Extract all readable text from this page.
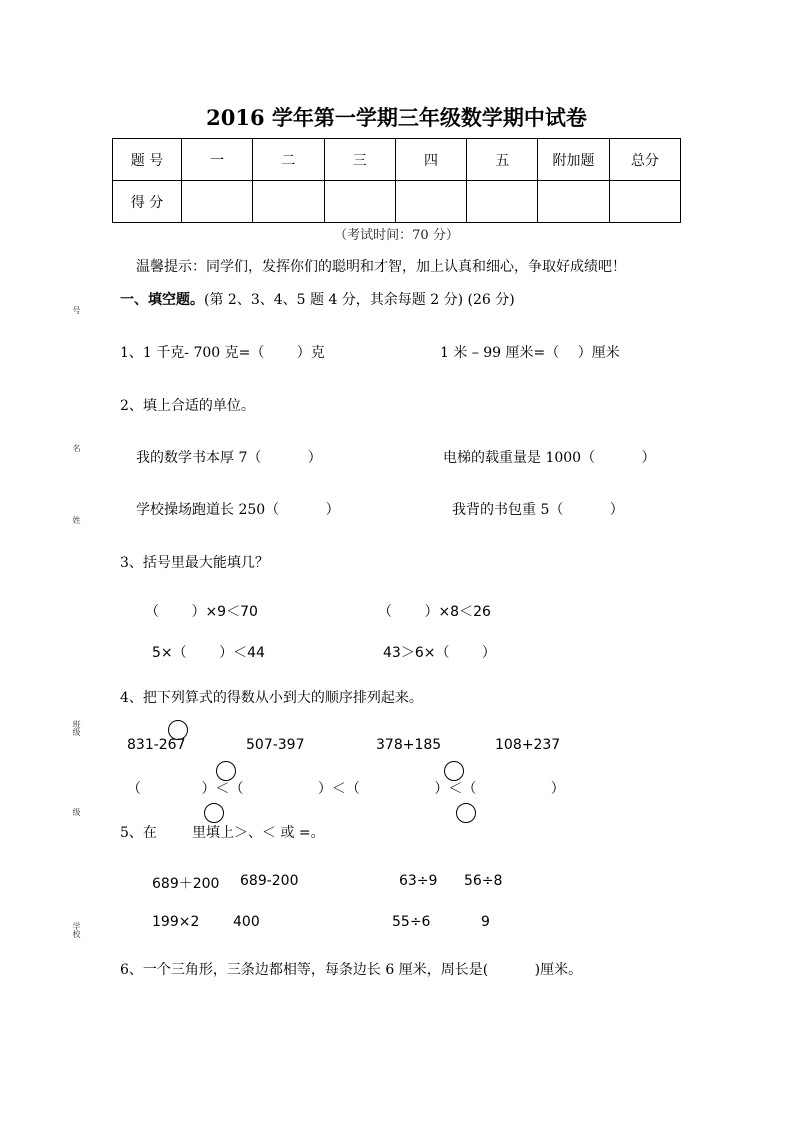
2016 学年第一学期三年级数学期中试卷
题 号	一	二	三	四	五	附加题	总分
得 分							
（考试时间：70 分）
温馨提示：同学们，发挥你们的聪明和才智，加上认真和细心，争取好成绩吧！
一、填空题。(第 2、3、4、5 题 4 分，其余每题 2 分) (26 分)
1、1 千克- 700 克=（　　 ）克	1 米 – 99 厘米=（　 ）厘米
2、填上合适的单位。
我的数学书本厚 7（　　　 ）	电梯的载重量是 1000（　　　 ）
学校操场跑道长 250（　　　 ）	我背的书包重 5（　　　 ）
3、括号里最大能填几？
（　　 ）×9＜70	（　　 ）×8＜26
5×（　　 ）＜44	43＞6×（　　 ）
4、把下列算式的得数从小到大的顺序排列起来。
831-267	507-397	378+185	108+237
（　　　　 ）＜（　　　　　 ）＜（　　　　　 ）＜（　　　　　 ）
5、在	里填上＞、＜ 或 =。
689＋200 689-200	63÷9 56÷8
199×2 400	55÷6	9
6、一个三角形，三条边都相等，每条边长 6 厘米，周长是(　　　 )厘米。
号
名
姓
班级
级
学校
